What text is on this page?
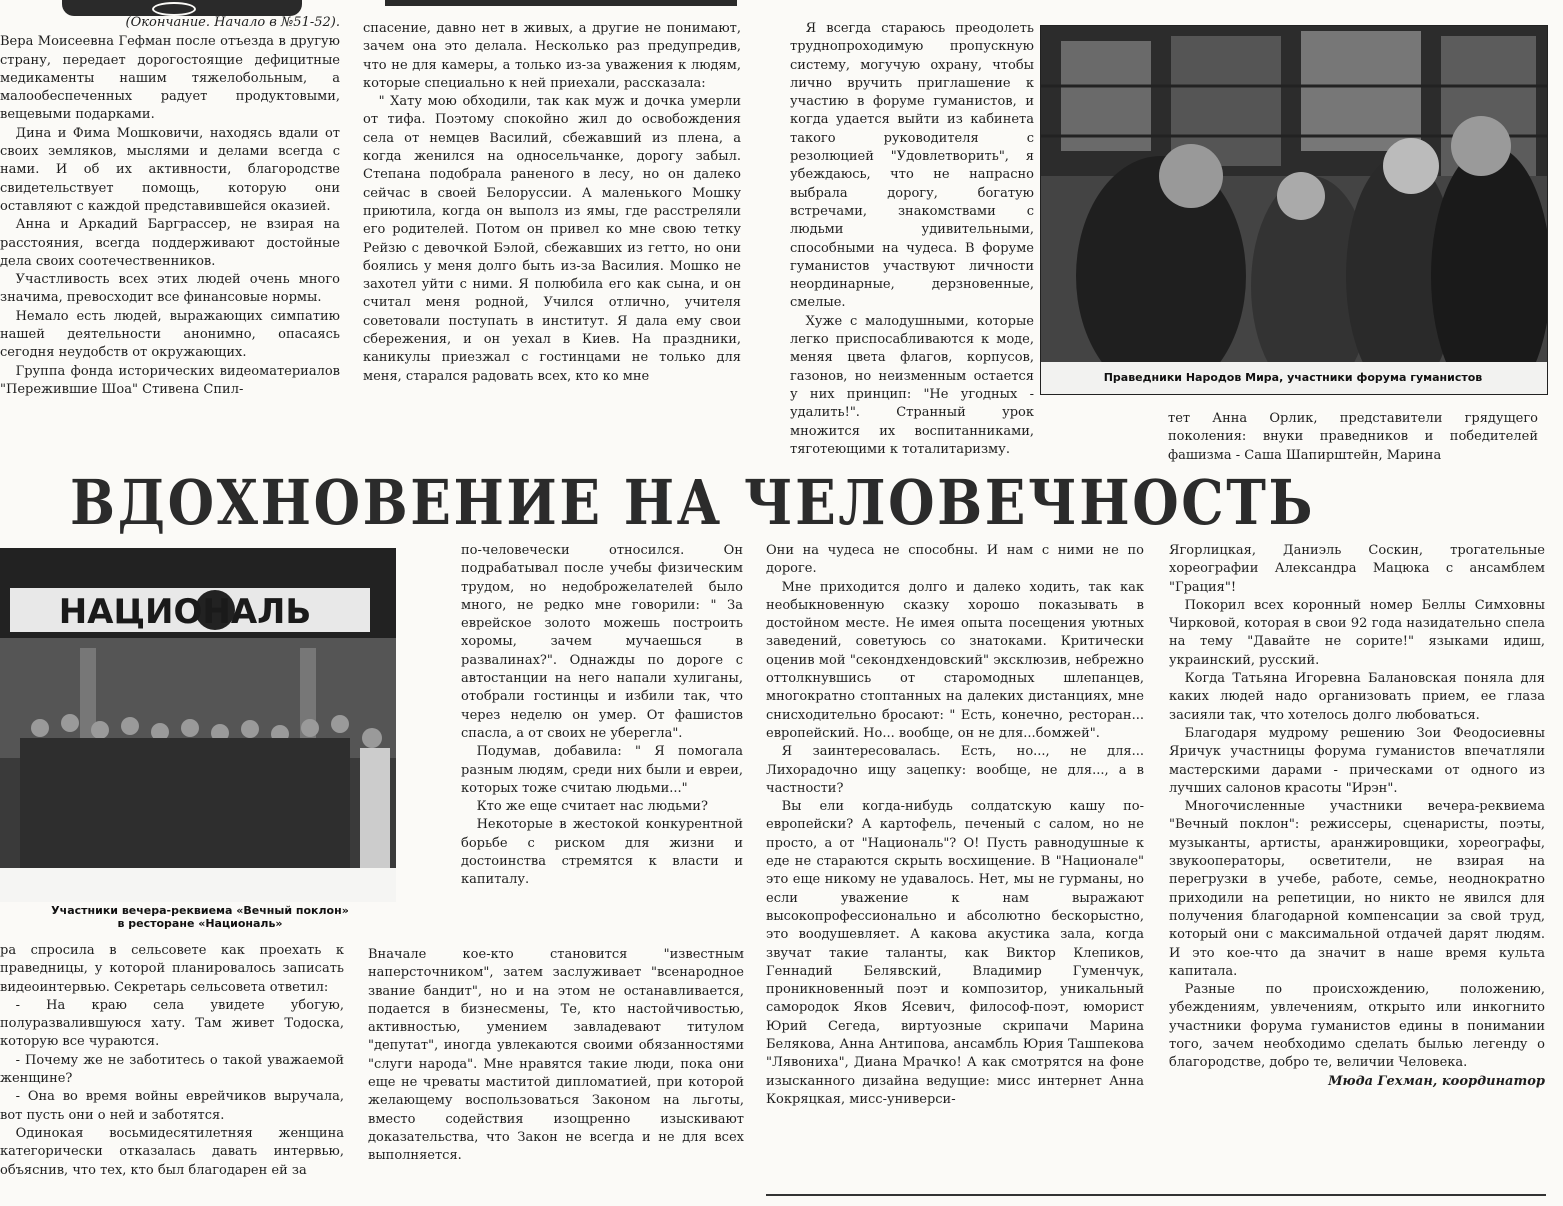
(Окончание. Начало в №51-52).

Вера Моисеевна Гефман после отъезда в другую страну, передает дорогостоящие дефицитные медикаменты нашим тяжелобольным, а малообеспеченных радует продуктовыми, вещевыми подарками.

Дина и Фима Мошковичи, находясь вдали от своих земляков, мыслями и делами всегда с нами. И об их активности, благородстве свидетельствует помощь, которую они оставляют с каждой представившейся оказией.

Анна и Аркадий Барграссер, не взирая на расстояния, всегда поддерживают достойные дела своих соотечественников.

Участливость всех этих людей очень много значима, превосходит все финансовые нормы.

Немало есть людей, выражающих симпатию нашей деятельности анонимно, опасаясь сегодня неудобств от окружающих.

Группа фонда исторических видеоматериалов "Пережившие Шоа" Стивена Спил-

спасение, давно нет в живых, а другие не понимают, зачем она это делала. Несколько раз предупредив, что не для камеры, а только из-за уважения к людям, которые специально к ней приехали, рассказала:

" Хату мою обходили, так как муж и дочка умерли от тифа. Поэтому спокойно жил до освобождения села от немцев Василий, сбежавший из плена, а когда женился на односельчанке, дорогу забыл. Степана подобрала раненого в лесу, но он далеко сейчас в своей Белоруссии. А маленького Мошку приютила, когда он выполз из ямы, где расстреляли его родителей. Потом он привел ко мне свою тетку Рейзю с девочкой Бэлой, сбежавших из гетто, но они боялись у меня долго быть из-за Василия. Мошко не захотел уйти с ними. Я полюбила его как сына, и он считал меня родной, Учился отлично, учителя советовали поступать в институт. Я дала ему свои сбережения, и он уехал в Киев. На праздники, каникулы приезжал с гостинцами не только для меня, старался радовать всех, кто ко мне

Я всегда стараюсь преодолеть труднопроходимую пропускную систему, могучую охрану, чтобы лично вручить приглашение к участию в форуме гуманистов, и когда удается выйти из кабинета такого руководителя с резолюцией "Удовлетворить", я убеждаюсь, что не напрасно выбрала дорогу, богатую встречами, знакомствами с людьми удивительными, способными на чудеса. В форуме гуманистов участвуют личности неординарные, дерзновенные, смелые.

Хуже с малодушными, которые легко приспосабливаются к моде, меняя цвета флагов, корпусов, газонов, но неизменным остается у них принцип: "Не угодных - удалить!". Странный урок множится их воспитанниками, тяготеющими к тоталитаризму.

тет Анна Орлик, представители грядущего поколения: внуки праведников и победителей фашизма - Саша Шапирштейн, Марина

Праведники Народов Мира, участники форума гуманистов
ВДОХНОВЕНИЕ НА ЧЕЛОВЕЧНОСТЬ
НАЦИОНАЛЬ
Участники вечера-реквиема «Вечный поклон»
в ресторане «Националь»

ра спросила в сельсовете как проехать к праведницы, у которой планировалось записать видеоинтервью. Секретарь сельсовета ответил:

- На краю села увидете убогую, полуразвалившуюся хату. Там живет Тодоска, которую все чураются.

- Почему же не заботитесь о такой уважаемой женщине?

- Она во время войны еврейчиков выручала, вот пусть они о ней и заботятся.

Одинокая восьмидесятилетняя женщина категорически отказалась давать интервью, объяснив, что тех, кто был благодарен ей за

по-человечески относился. Он подрабатывал после учебы физическим трудом, но недоброжелателей было много, не редко мне говорили: " За еврейское золото можешь построить хоромы, зачем мучаешься в развалинах?". Однажды по дороге с автостанции на него напали хулиганы, отобрали гостинцы и избили так, что через неделю он умер. От фашистов спасла, а от своих не уберегла".

Подумав, добавила: " Я помогала разным людям, среди них были и евреи, которых тоже считаю людьми..."

Кто же еще считает нас людьми?

Некоторые в жестокой конкурентной борьбе с риском для жизни и достоинства стремятся к власти и капиталу.

Вначале кое-кто становится "известным наперсточником", затем заслуживает "всенародное звание бандит", но и на этом не останавливается, подается в бизнесмены, Те, кто настойчивостью, активностью, умением завладевают титулом "депутат", иногда увлекаются своими обязанностями "слуги народа". Мне нравятся такие люди, пока они еще не чреваты маститой дипломатией, при которой желающему воспользоваться Законом на льготы, вместо содействия изощренно изыскивают доказательства, что Закон не всегда и не для всех выполняется.

Они на чудеса не способны. И нам с ними не по дороге.

Мне приходится долго и далеко ходить, так как необыкновенную сказку хорошо показывать в достойном месте. Не имея опыта посещения уютных заведений, советуюсь со знатоками. Критически оценив мой "секондхендовский" эксклюзив, небрежно оттолкнувшись от старомодных шлепанцев, многократно стоптанных на далеких дистанциях, мне снисходительно бросают: " Есть, конечно, ресторан... европейский. Но... вообще, он не для...бомжей".

Я заинтересовалась. Есть, но..., не для... Лихорадочно ищу зацепку: вообще, не для..., а в частности?

Вы ели когда-нибудь солдатскую кашу по-европейски? А картофель, печеный с салом, но не просто, а от "Националь"? О! Пусть равнодушные к еде не стараются скрыть восхищение. В "Националe" это еще никому не удавалось. Нет, мы не гурманы, но если уважение к нам выражают высокопрофессионально и абсолютно бескорыстно, это воодушевляет. А какова акустика зала, когда звучат такие таланты, как Виктор Клепиков, Геннадий Белявский, Владимир Гуменчук, проникновенный поэт и композитор, уникальный самородок Яков Ясевич, философ-поэт, юморист Юрий Сегеда, виртуозные скрипачи Марина Белякова, Анна Антипова, ансамбль Юрия Ташпекова "Лявониха", Диана Мрачко! А как смотрятся на фоне изысканного дизайна ведущие: мисс интернет Анна Кокряцкая, мисс-универси-

Ягорлицкая, Даниэль Соскин, трогательные хореографии Александра Мацюка с ансамблем "Грация"!

Покорил всех коронный номер Беллы Симховны Чирковой, которая в свои 92 года назидательно спела на тему "Давайте не сорите!" языками идиш, украинский, русский.

Когда Татьяна Игоревна Балановская поняла для каких людей надо организовать прием, ее глаза засияли так, что хотелось долго любоваться.

Благодаря мудрому решению Зои Феодосиевны Яричук участницы форума гуманистов впечатляли мастерскими дарами - прическами от одного из лучших салонов красоты "Ирэн".

Многочисленные участники вечера-реквиема "Вечный поклон": режиссеры, сценаристы, поэты, музыканты, артисты, аранжировщики, хореографы, звукооператоры, осветители, не взирая на перегрузки в учебе, работе, семье, неоднократно приходили на репетиции, но никто не явился для получения благодарной компенсации за свой труд, который они с максимальной отдачей дарят людям. И это кое-что да значит в наше время культа капитала.

Разные по происхождению, положению, убеждениям, увлечениям, открыто или инкогнито участники форума гуманистов едины в понимании того, зачем необходимо сделать былью легенду о благородстве, добро те, величии Человека.

Мюда Гехман, координатор
